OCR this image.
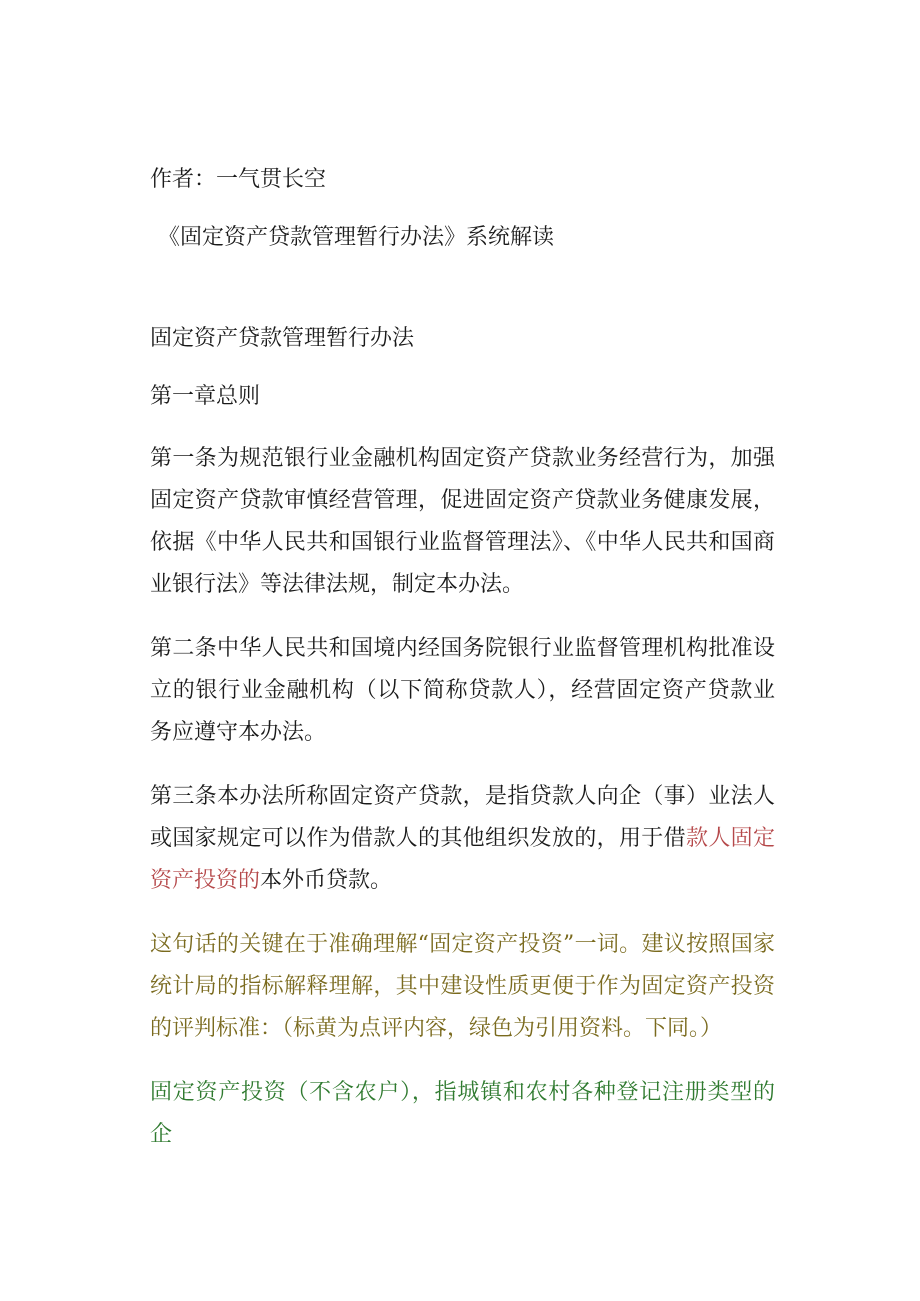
作者：一气贯长空
《固定资产贷款管理暂行办法》系统解读
固定资产贷款管理暂行办法
第一章总则
第一条为规范银行业金融机构固定资产贷款业务经营行为，加强固定资产贷款审慎经营管理，促进固定资产贷款业务健康发展，依据《中华人民共和国银行业监督管理法》、《中华人民共和国商业银行法》等法律法规，制定本办法。
第二条中华人民共和国境内经国务院银行业监督管理机构批准设立的银行业金融机构（以下简称贷款人），经营固定资产贷款业务应遵守本办法。
第三条本办法所称固定资产贷款，是指贷款人向企（事）业法人或国家规定可以作为借款人的其他组织发放的，用于借款人固定资产投资的本外币贷款。
这句话的关键在于准确理解“固定资产投资”一词。建议按照国家统计局的指标解释理解，其中建设性质更便于作为固定资产投资的评判标准：（标黄为点评内容，绿色为引用资料。下同。）
固定资产投资（不含农户），指城镇和农村各种登记注册类型的企
